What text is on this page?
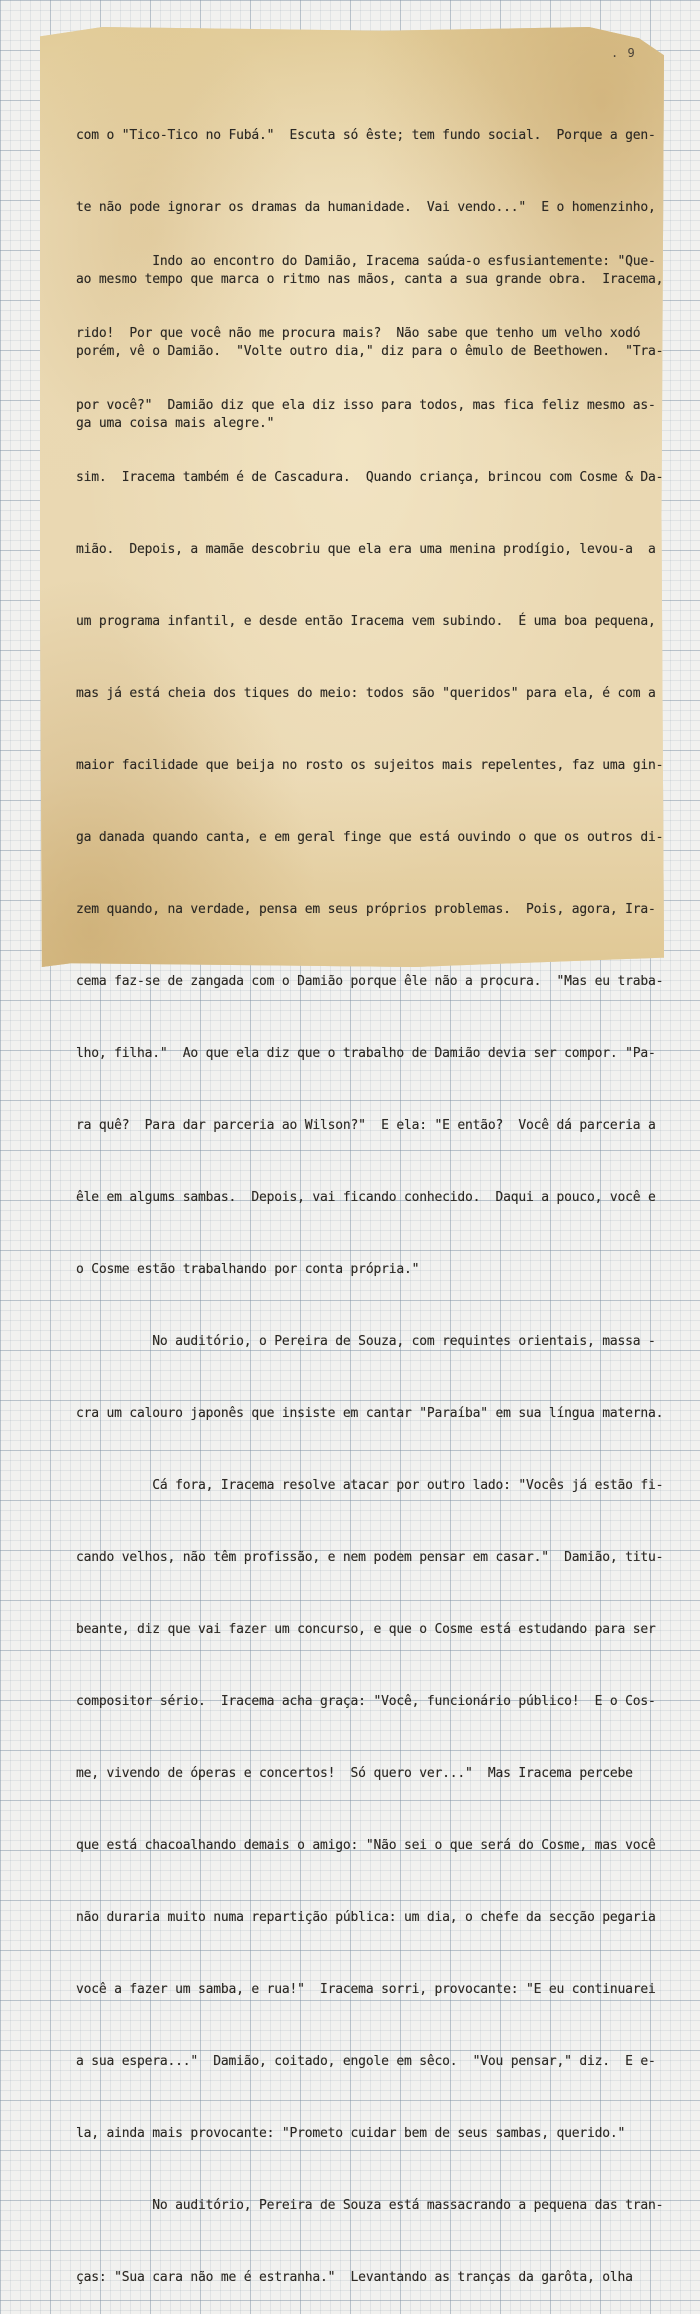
. 9

com o "Tico-Tico no Fubá."  Escuta só êste; tem fundo social.  Porque a gen-

te não pode ignorar os dramas da humanidade.  Vai vendo..."  E o homenzinho,

ao mesmo tempo que marca o ritmo nas mãos, canta a sua grande obra.  Iracema,

porém, vê o Damião.  "Volte outro dia," diz para o êmulo de Beethowen.  "Tra-

ga uma coisa mais alegre."

Indo ao encontro do Damião, Iracema saúda-o esfusiantemente: "Que-

rido!  Por que você não me procura mais?  Não sabe que tenho um velho xodó

por você?"  Damião diz que ela diz isso para todos, mas fica feliz mesmo as-

sim.  Iracema também é de Cascadura.  Quando criança, brincou com Cosme & Da-

mião.  Depois, a mamãe descobriu que ela era uma menina prodígio, levou-a  a

um programa infantil, e desde então Iracema vem subindo.  É uma boa pequena,

mas já está cheia dos tiques do meio: todos são "queridos" para ela, é com a

maior facilidade que beija no rosto os sujeitos mais repelentes, faz uma gin-

ga danada quando canta, e em geral finge que está ouvindo o que os outros di-

zem quando, na verdade, pensa em seus próprios problemas.  Pois, agora, Ira-

cema faz-se de zangada com o Damião porque êle não a procura.  "Mas eu traba-

lho, filha."  Ao que ela diz que o trabalho de Damião devia ser compor. "Pa-

ra quê?  Para dar parceria ao Wilson?"  E ela: "E então?  Você dá parceria a

êle em algums sambas.  Depois, vai ficando conhecido.  Daqui a pouco, você e

o Cosme estão trabalhando por conta própria."

No auditório, o Pereira de Souza, com requintes orientais, massa -

cra um calouro japonês que insiste em cantar "Paraíba" em sua língua materna.

Cá fora, Iracema resolve atacar por outro lado: "Vocês já estão fi-

cando velhos, não têm profissão, e nem podem pensar em casar."  Damião, titu-

beante, diz que vai fazer um concurso, e que o Cosme está estudando para ser

compositor sério.  Iracema acha graça: "Você, funcionário público!  E o Cos-

me, vivendo de óperas e concertos!  Só quero ver..."  Mas Iracema percebe

que está chacoalhando demais o amigo: "Não sei o que será do Cosme, mas você

não duraria muito numa repartição pública: um dia, o chefe da secção pegaria

você a fazer um samba, e rua!"  Iracema sorri, provocante: "E eu continuarei

a sua espera..."  Damião, coitado, engole em sêco.  "Vou pensar," diz.  E e-

la, ainda mais provocante: "Prometo cuidar bem de seus sambas, querido."

No auditório, Pereira de Souza está massacrando a pequena das tran-

ças: "Sua cara não me é estranha."  Levantando as tranças da garôta, olha
